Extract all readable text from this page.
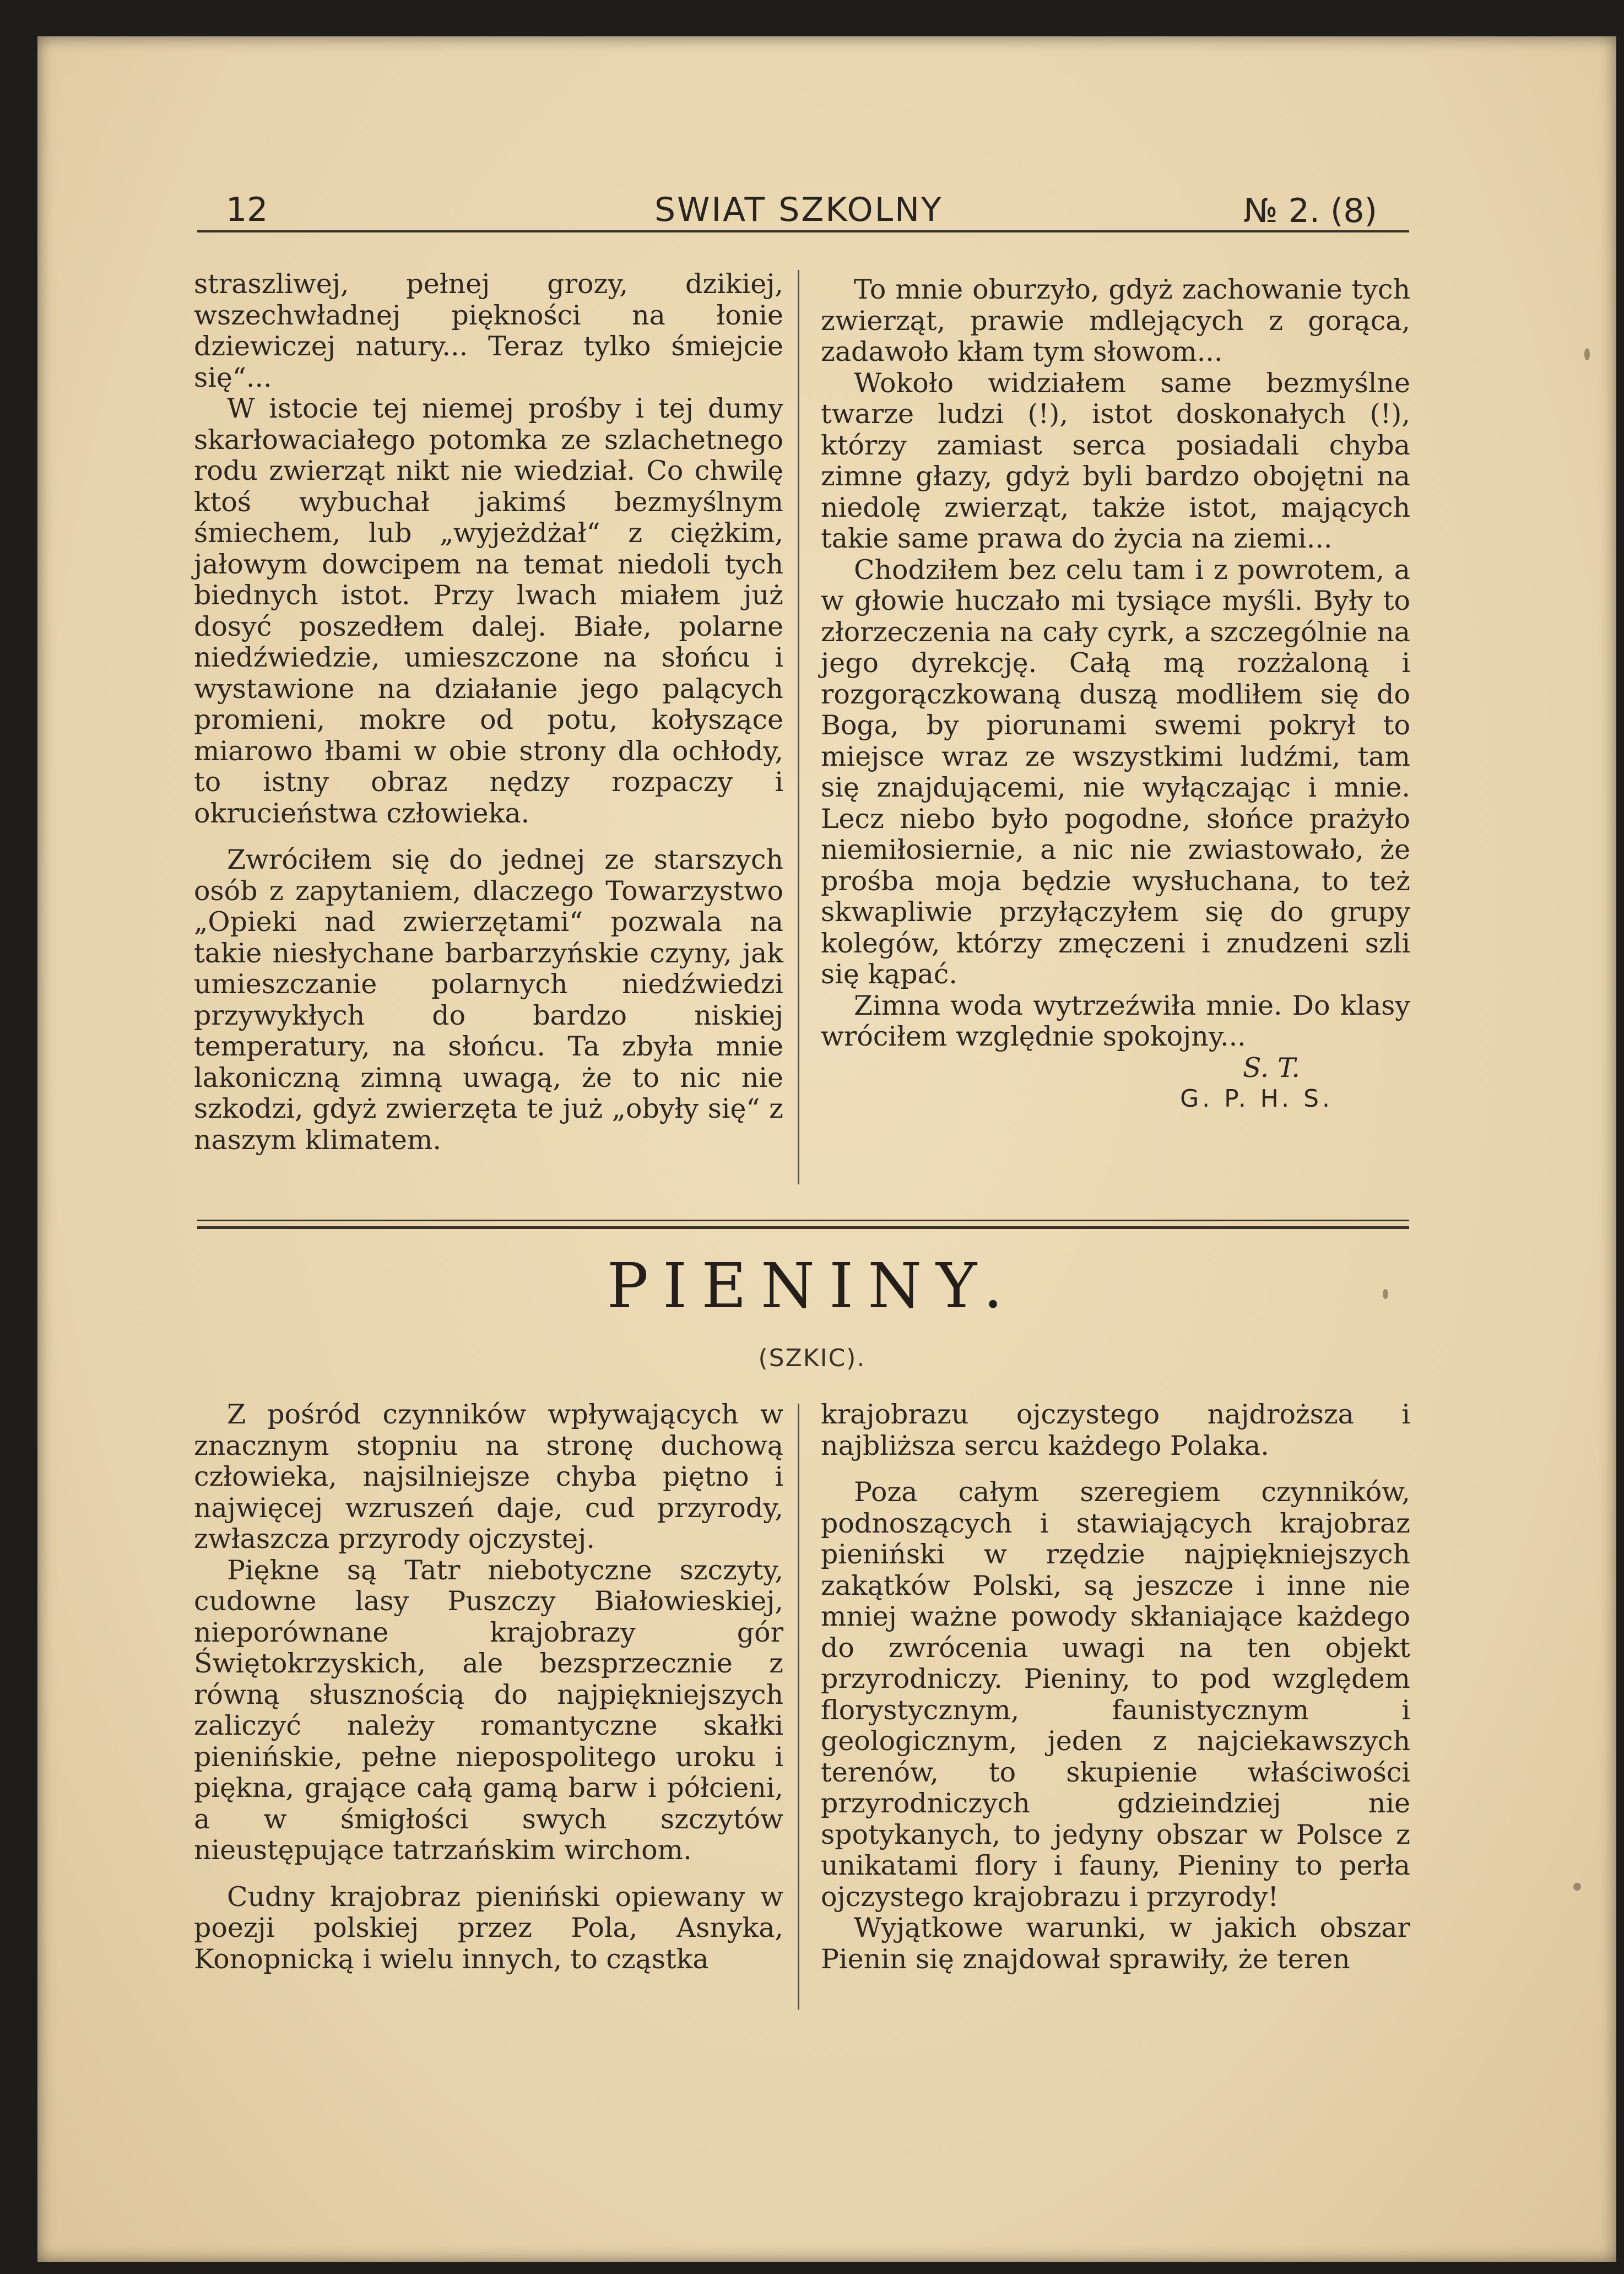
12	SWIAT SZKOLNY	№ 2. (8)

straszliwej, pełnej grozy, dzikiej, wszechwładnej piękności na łonie dziewiczej natury... Teraz tylko śmiejcie się“...

W istocie tej niemej prośby i tej dumy skarłowaciałego potomka ze szlachetnego rodu zwierząt nikt nie wiedział. Co chwilę ktoś wybuchał jakimś bezmyślnym śmiechem, lub „wyjeżdżał“ z ciężkim, jałowym dowcipem na temat niedoli tych biednych istot. Przy lwach miałem już dosyć poszedłem dalej. Białe, polarne niedźwiedzie, umieszczone na słońcu i wystawione na działanie jego palących promieni, mokre od potu, kołyszące miarowo łbami w obie strony dla ochłody, to istny obraz nędzy rozpaczy i okrucieństwa człowieka.

Zwróciłem się do jednej ze starszych osób z zapytaniem, dlaczego Towarzystwo „Opieki nad zwierzętami“ pozwala na takie niesłychane barbarzyńskie czyny, jak umieszczanie polarnych niedźwiedzi przywykłych do bardzo niskiej temperatury, na słońcu. Ta zbyła mnie lakoniczną zimną uwagą, że to nic nie szkodzi, gdyż zwierzęta te już „obyły się“ z naszym klimatem.

To mnie oburzyło, gdyż zachowanie tych zwierząt, prawie mdlejących z gorąca, zadawoło kłam tym słowom...

Wokoło widziałem same bezmyślne twarze ludzi (!), istot doskonałych (!), którzy zamiast serca posiadali chyba zimne głazy, gdyż byli bardzo obojętni na niedolę zwierząt, także istot, mających takie same prawa do życia na ziemi...

Chodziłem bez celu tam i z powrotem, a w głowie huczało mi tysiące myśli. Były to złorzeczenia na cały cyrk, a szczególnie na jego dyrekcję. Całą mą rozżaloną i rozgorączkowaną duszą modliłem się do Boga, by piorunami swemi pokrył to miejsce wraz ze wszystkimi ludźmi, tam się znajdującemi, nie wyłączając i mnie. Lecz niebo było pogodne, słońce prażyło niemiłosiernie, a nic nie zwiastowało, że prośba moja będzie wysłuchana, to też skwapliwie przyłączyłem się do grupy kolegów, którzy zmęczeni i znudzeni szli się kąpać.

Zimna woda wytrzeźwiła mnie. Do klasy wróciłem względnie spokojny...

S. T.

G. P. H. S.

PIENINY.
(SZKIC).

Z pośród czynników wpływających w znacznym stopniu na stronę duchową człowieka, najsilniejsze chyba piętno i najwięcej wzruszeń daje, cud przyrody, zwłaszcza przyrody ojczystej.

Piękne są Tatr niebotyczne szczyty, cudowne lasy Puszczy Białowieskiej, nieporównane krajobrazy gór Świętokrzyskich, ale bezsprzecznie z równą słusznością do najpiękniejszych zaliczyć należy romantyczne skałki pienińskie, pełne niepospolitego uroku i piękna, grające całą gamą barw i półcieni, a w śmigłości swych szczytów nieustępujące tatrzańskim wirchom.

Cudny krajobraz pieniński opiewany w poezji polskiej przez Pola, Asnyka, Konopnicką i wielu innych, to cząstka

krajobrazu ojczystego najdroższa i najbliższa sercu każdego Polaka.

Poza całym szeregiem czynników, podnoszących i stawiających krajobraz pieniński w rzędzie najpiękniejszych zakątków Polski, są jeszcze i inne nie mniej ważne powody skłaniające każdego do zwrócenia uwagi na ten objekt przyrodniczy. Pieniny, to pod względem florystycznym, faunistycznym i geologicznym, jeden z najciekawszych terenów, to skupienie właściwości przyrodniczych gdzieindziej nie spotykanych, to jedyny obszar w Polsce z unikatami flory i fauny, Pieniny to perła ojczystego krajobrazu i przyrody!

Wyjątkowe warunki, w jakich obszar Pienin się znajdował sprawiły, że teren
